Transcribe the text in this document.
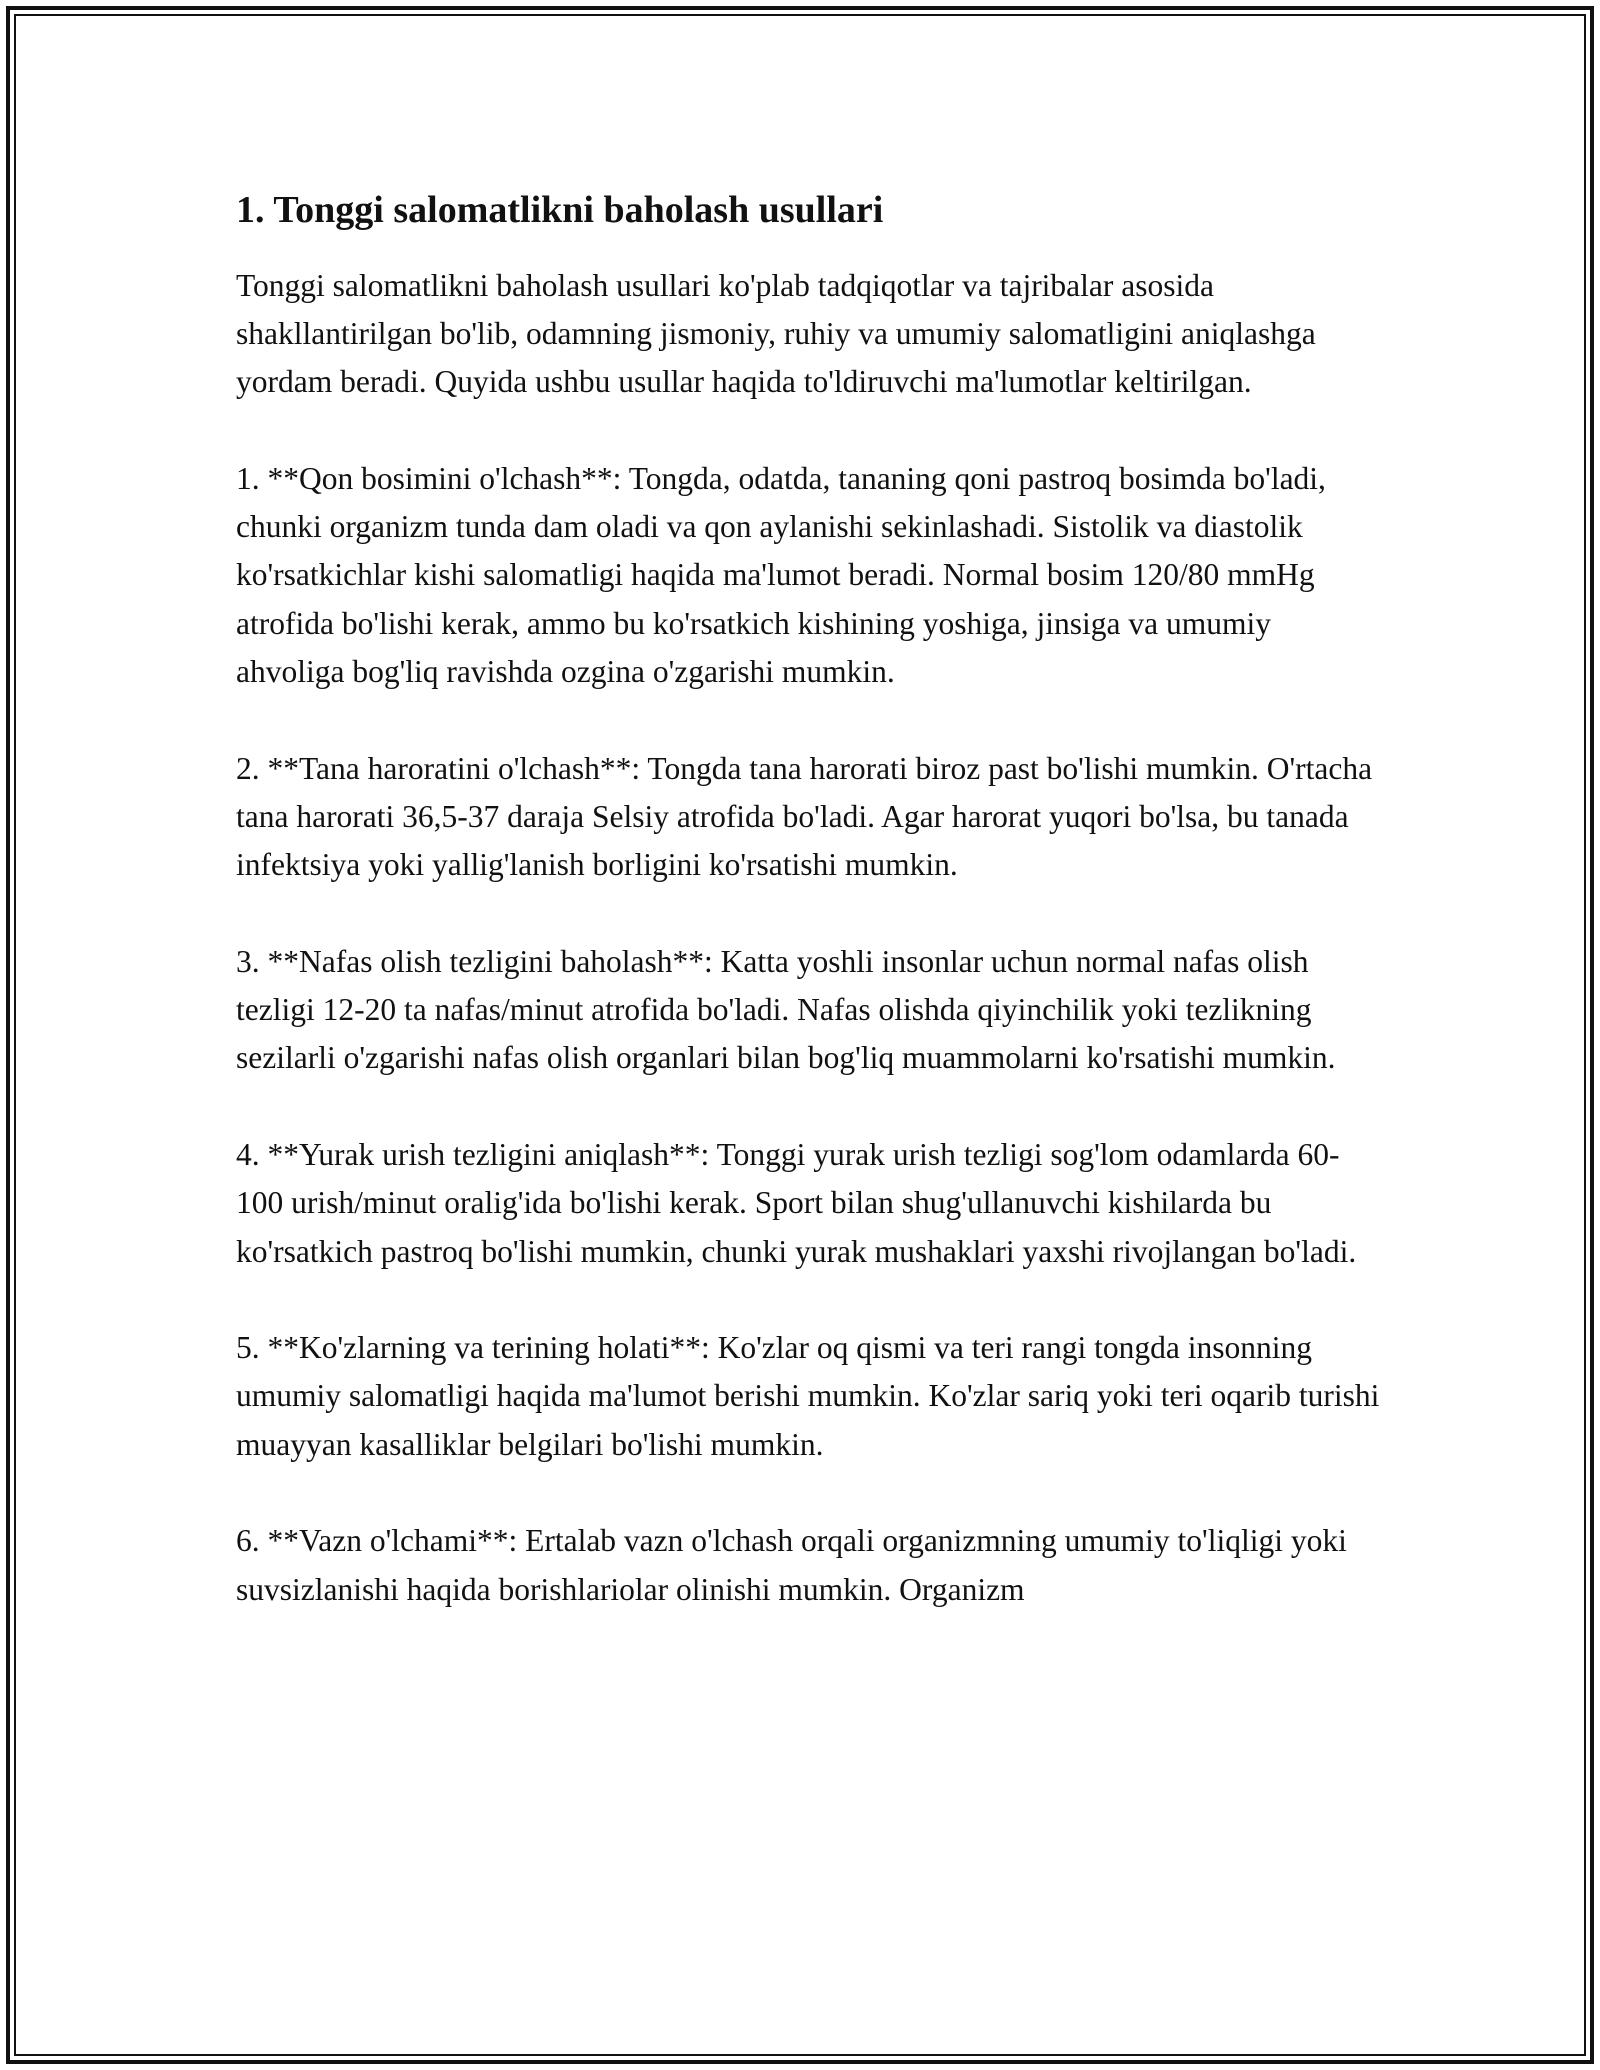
1. Tonggi salomatlikni baholash usullari

Tonggi salomatlikni baholash usullari ko'plab tadqiqotlar va tajribalar asosida shakllantirilgan bo'lib, odamning jismoniy, ruhiy va umumiy salomatligini aniqlashga yordam beradi. Quyida ushbu usullar haqida to'ldiruvchi ma'lumotlar keltirilgan.

1. **Qon bosimini o'lchash**: Tongda, odatda, tananing qoni pastroq bosimda bo'ladi, chunki organizm tunda dam oladi va qon aylanishi sekinlashadi. Sistolik va diastolik ko'rsatkichlar kishi salomatligi haqida ma'lumot beradi. Normal bosim 120/80 mmHg atrofida bo'lishi kerak, ammo bu ko'rsatkich kishining yoshiga, jinsiga va umumiy ahvoliga bog'liq ravishda ozgina o'zgarishi mumkin.

2. **Tana haroratini o'lchash**: Tongda tana harorati biroz past bo'lishi mumkin. O'rtacha tana harorati 36,5-37 daraja Selsiy atrofida bo'ladi. Agar harorat yuqori bo'lsa, bu tanada infektsiya yoki yallig'lanish borligini ko'rsatishi mumkin.

3. **Nafas olish tezligini baholash**: Katta yoshli insonlar uchun normal nafas olish tezligi 12-20 ta nafas/minut atrofida bo'ladi. Nafas olishda qiyinchilik yoki tezlikning sezilarli o'zgarishi nafas olish organlari bilan bog'liq muammolarni ko'rsatishi mumkin.

4. **Yurak urish tezligini aniqlash**: Tonggi yurak urish tezligi sog'lom odamlarda 60-100 urish/minut oralig'ida bo'lishi kerak. Sport bilan shug'ullanuvchi kishilarda bu ko'rsatkich pastroq bo'lishi mumkin, chunki yurak mushaklari yaxshi rivojlangan bo'ladi.

5. **Ko'zlarning va terining holati**: Ko'zlar oq qismi va teri rangi tongda insonning umumiy salomatligi haqida ma'lumot berishi mumkin. Ko'zlar sariq yoki teri oqarib turishi muayyan kasalliklar belgilari bo'lishi mumkin.

6. **Vazn o'lchami**: Ertalab vazn o'lchash orqali organizmning umumiy to'liqligi yoki suvsizlanishi haqida borishlariolar olinishi mumkin. Organizm
